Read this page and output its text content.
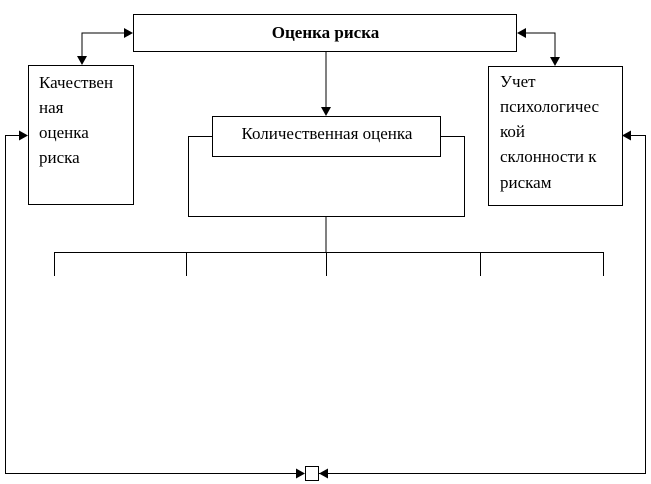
Оценка риска
Качествен
ная
оценка
риска
Количественная оценка
Учет
психологичес
кой
склонности к
рискам
